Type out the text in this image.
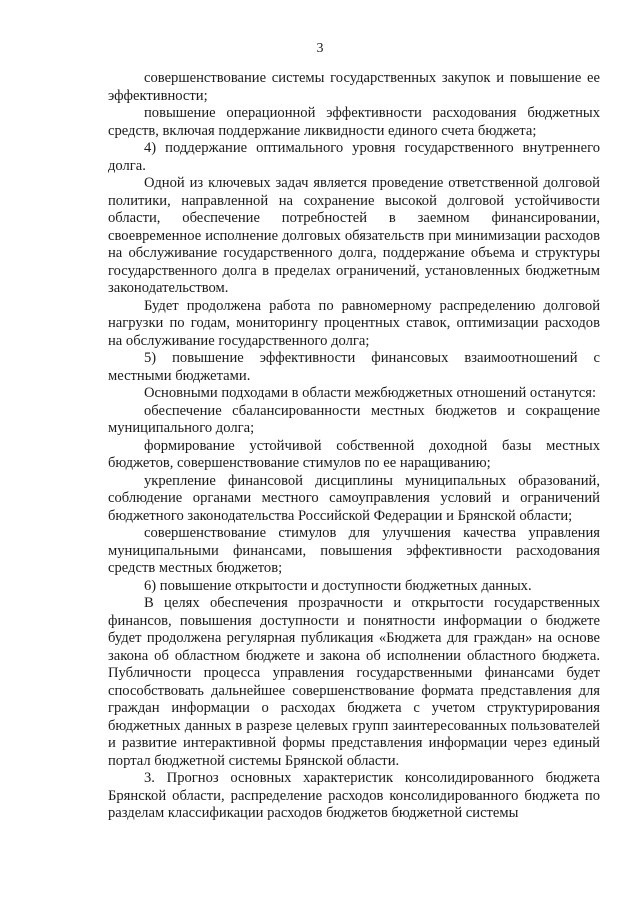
3

совершенствование системы государственных закупок и повышение ее эффективности;

повышение операционной эффективности расходования бюджетных средств, включая поддержание ликвидности единого счета бюджета;

4) поддержание оптимального уровня государственного внутреннего долга.

Одной из ключевых задач является проведение ответственной долговой политики, направленной на сохранение высокой долговой устойчивости области, обеспечение потребностей в заемном финансировании, своевременное исполнение долговых обязательств при минимизации расходов на обслуживание государственного долга, поддержание объема и структуры государственного долга в пределах ограничений, установленных бюджетным законодательством.

Будет продолжена работа по равномерному распределению долговой нагрузки по годам, мониторингу процентных ставок, оптимизации расходов на обслуживание государственного долга;

5) повышение эффективности финансовых взаимоотношений с местными бюджетами.

Основными подходами в области межбюджетных отношений останутся:

обеспечение сбалансированности местных бюджетов и сокращение муниципального долга;

формирование устойчивой собственной доходной базы местных бюджетов, совершенствование стимулов по ее наращиванию;

укрепление финансовой дисциплины муниципальных образований, соблюдение органами местного самоуправления условий и ограничений бюджетного законодательства Российской Федерации и Брянской области;

совершенствование стимулов для улучшения качества управления муниципальными финансами, повышения эффективности расходования средств местных бюджетов;

6) повышение открытости и доступности бюджетных данных.

В целях обеспечения прозрачности и открытости государственных финансов, повышения доступности и понятности информации о бюджете будет продолжена регулярная публикация «Бюджета для граждан» на основе закона об областном бюджете и закона об исполнении областного бюджета. Публичности процесса управления государственными финансами будет способствовать дальнейшее совершенствование формата представления для граждан информации о расходах бюджета с учетом структурирования бюджетных данных в разрезе целевых групп заинтересованных пользователей и развитие интерактивной формы представления информации через единый портал бюджетной системы Брянской области.

3. Прогноз основных характеристик консолидированного бюджета Брянской области, распределение расходов консолидированного бюджета по разделам классификации расходов бюджетов бюджетной системы
